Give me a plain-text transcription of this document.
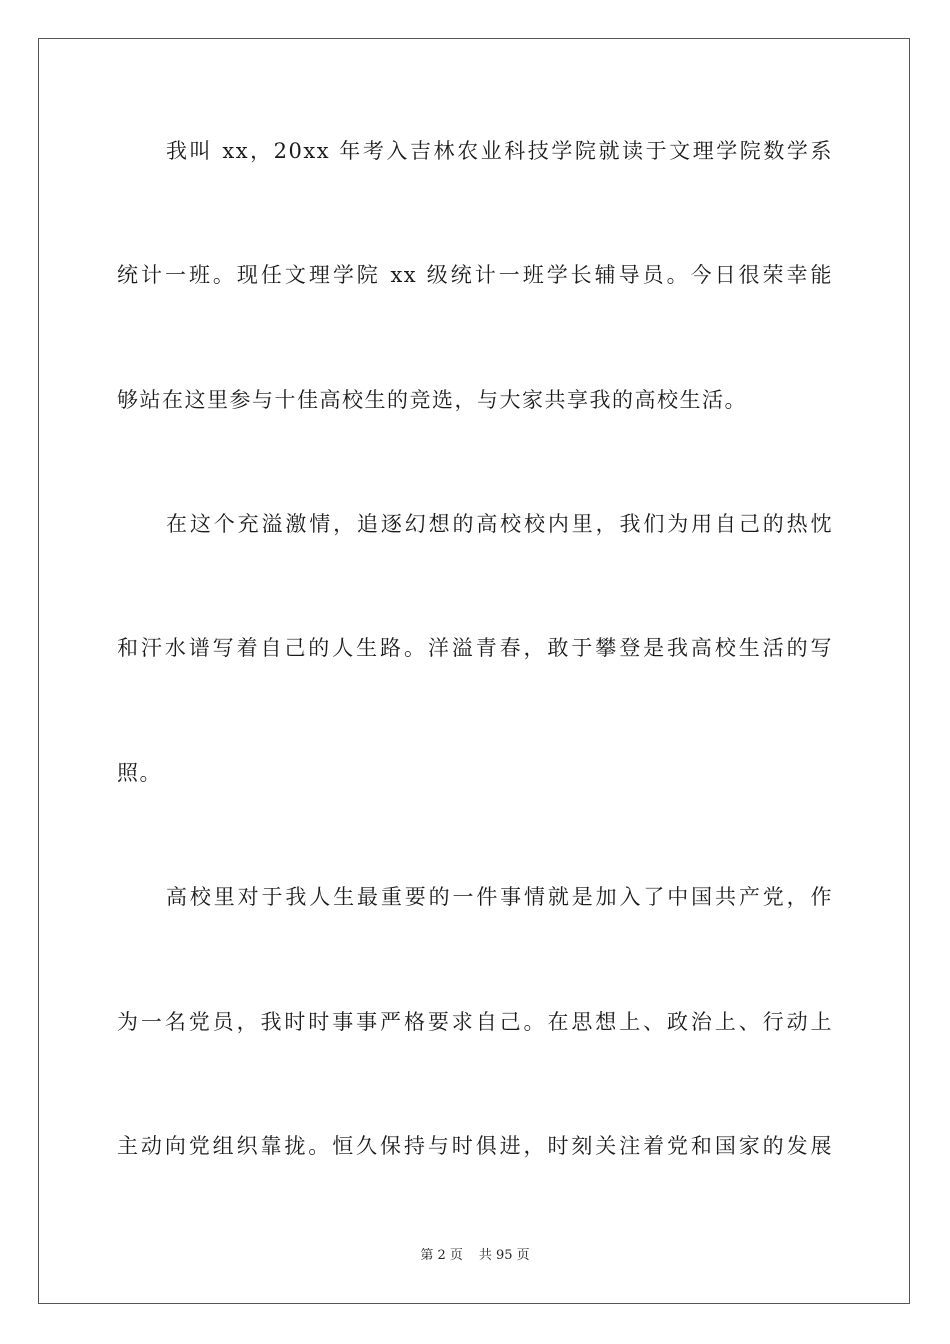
我叫 xx，20xx 年考入吉林农业科技学院就读于文理学院数学系
统计一班。现任文理学院 xx 级统计一班学长辅导员。今日很荣幸能
够站在这里参与十佳高校生的竞选，与大家共享我的高校生活。
在这个充溢激情，追逐幻想的高校校内里，我们为用自己的热忱
和汗水谱写着自己的人生路。洋溢青春，敢于攀登是我高校生活的写
照。
高校里对于我人生最重要的一件事情就是加入了中国共产党，作
为一名党员，我时时事事严格要求自己。在思想上、政治上、行动上
主动向党组织靠拢。恒久保持与时俱进，时刻关注着党和国家的发展
第 2 页 共 95 页
